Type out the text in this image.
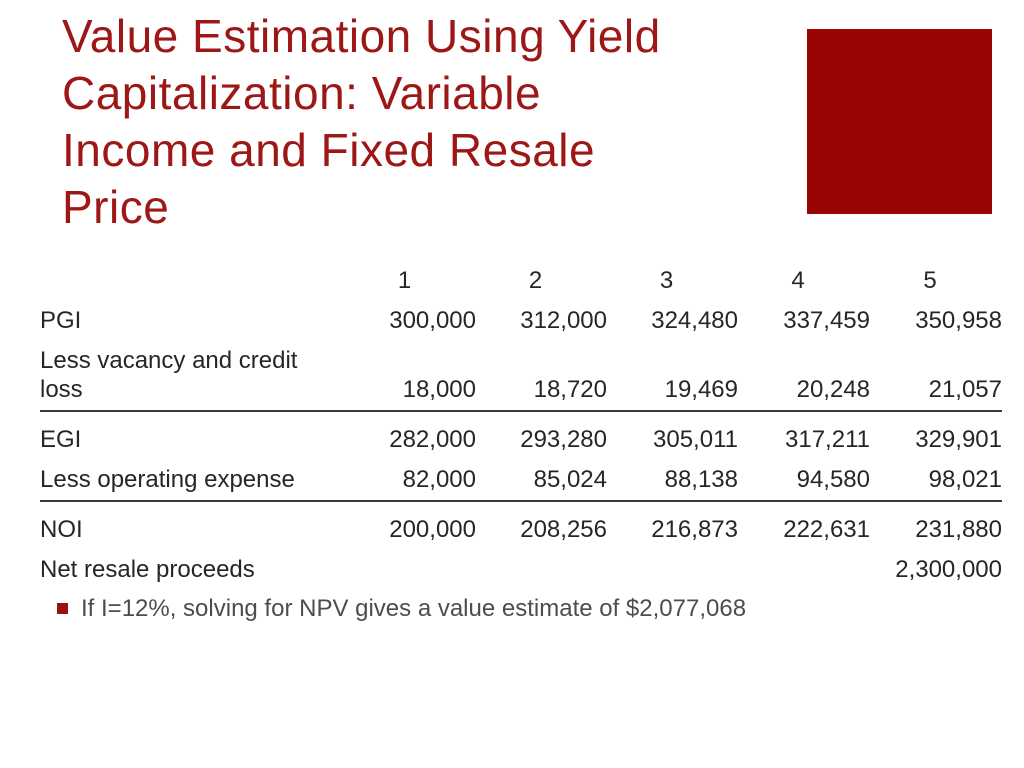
Value Estimation Using Yield
Capitalization: Variable
Income and Fixed Resale
Price
	1	2	3	4	5
PGI	300,000	312,000	324,480	337,459	350,958
Less vacancy and credit loss	18,000	18,720	19,469	20,248	21,057
EGI	282,000	293,280	305,011	317,211	329,901
Less operating expense	82,000	85,024	88,138	94,580	98,021
NOI	200,000	208,256	216,873	222,631	231,880
Net resale proceeds					2,300,000
If I=12%, solving for NPV gives a value estimate of $2,077,068
